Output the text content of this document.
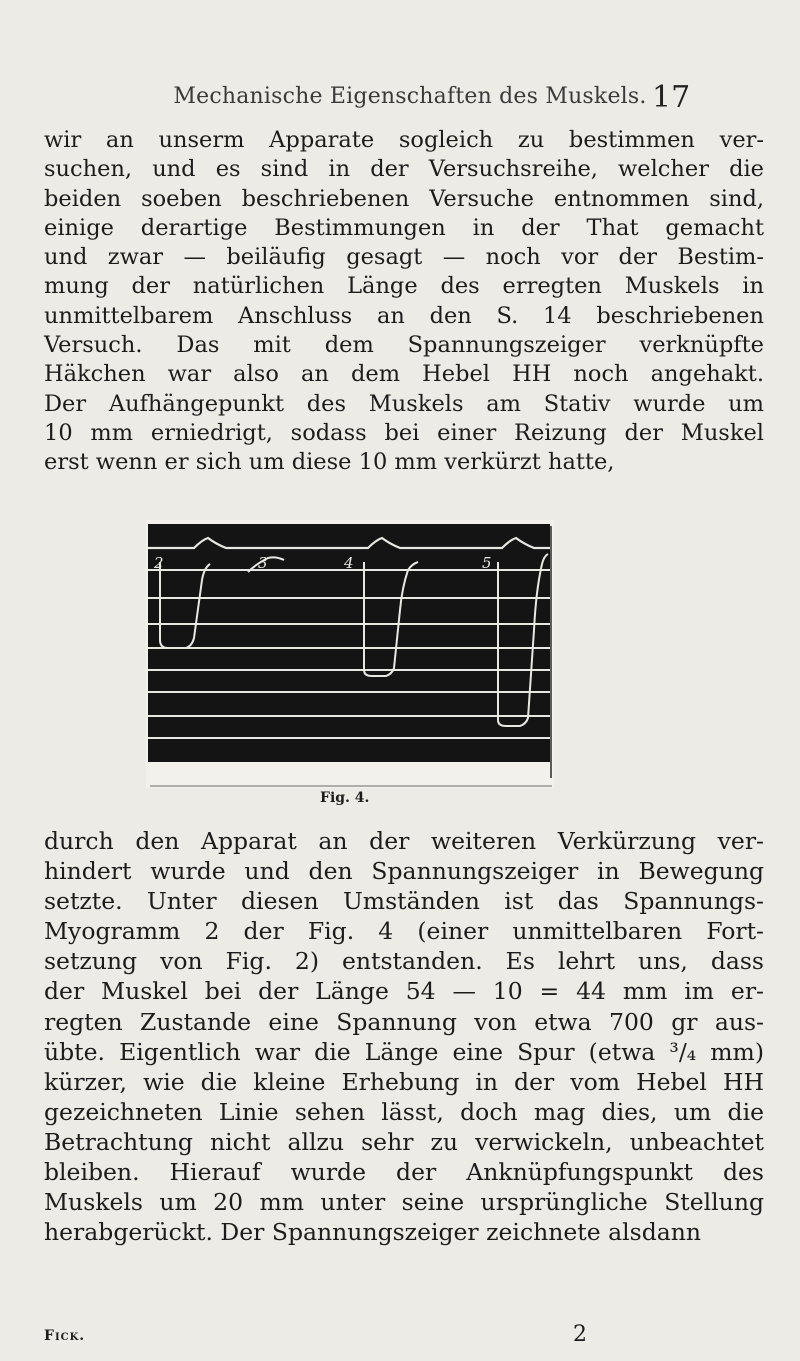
Mechanische Eigenschaften des Muskels. 17
wir an unserm Apparate sogleich zu bestimmen ver-
suchen, und es sind in der Versuchsreihe, welcher die
beiden soeben beschriebenen Versuche entnommen sind,
einige derartige Bestimmungen in der That gemacht
und zwar — beiläufig gesagt — noch vor der Bestim-
mung der natürlichen Länge des erregten Muskels in
unmittelbarem Anschluss an den S. 14 beschriebenen
Versuch. Das mit dem Spannungszeiger verknüpfte
Häkchen war also an dem Hebel HH noch angehakt.
Der Aufhängepunkt des Muskels am Stativ wurde um
10 mm erniedrigt, sodass bei einer Reizung der Muskel
erst wenn er sich um diese 10 mm verkürzt hatte,
2	3	4	5
Fig. 4.
durch den Apparat an der weiteren Verkürzung ver-
hindert wurde und den Spannungszeiger in Bewegung
setzte. Unter diesen Umständen ist das Spannungs-
Myogramm 2 der Fig. 4 (einer unmittelbaren Fort-
setzung von Fig. 2) entstanden. Es lehrt uns, dass
der Muskel bei der Länge 54 — 10 = 44 mm im er-
regten Zustande eine Spannung von etwa 700 gr aus-
übte. Eigentlich war die Länge eine Spur (etwa ³/₄ mm)
kürzer, wie die kleine Erhebung in der vom Hebel HH
gezeichneten Linie sehen lässt, doch mag dies, um die
Betrachtung nicht allzu sehr zu verwickeln, unbeachtet
bleiben. Hierauf wurde der Anknüpfungspunkt des
Muskels um 20 mm unter seine ursprüngliche Stellung
herabgerückt. Der Spannungszeiger zeichnete alsdann
Fick.	2
